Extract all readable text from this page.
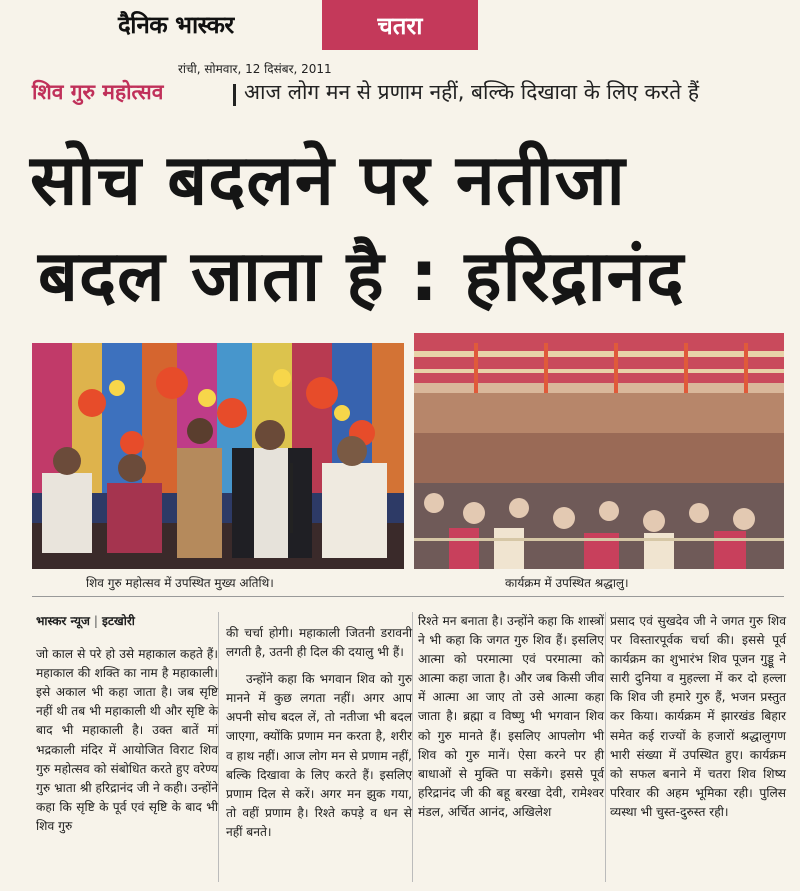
दैनिक भास्कर	चतरा
रांची, सोमवार, 12 दिसंबर, 2011
शिव गुरु महोत्सव	आज लोग मन से प्रणाम नहीं, बल्कि दिखावा के लिए करते हैं
सोच बदलने पर नतीजा
बदल जाता है : हरिद्रानंद
शिव गुरु महोत्सव में उपस्थित मुख्य अतिथि।	कार्यक्रम में उपस्थित श्रद्धालु।
भास्कर न्यूज | इटखोरी

जो काल से परे हो उसे महाकाल कहते हैं। महाकाल की शक्ति का नाम है महाकाली। इसे अकाल भी कहा जाता है। जब सृष्टि नहीं थी तब भी महाकाली थी और सृष्टि के बाद भी महाकाली है। उक्त बातें मां भद्रकाली मंदिर में आयोजित विराट शिव गुरु महोत्सव को संबोधित करते हुए वरेण्य गुरु भ्राता श्री हरिद्रानंद जी ने कही। उन्होंने कहा कि सृष्टि के पूर्व एवं सृष्टि के बाद भी शिव गुरु

की चर्चा होगी। महाकाली जितनी डरावनी लगती है, उतनी ही दिल की दयालु भी हैं।

उन्होंने कहा कि भगवान शिव को गुरु मानने में कुछ लगता नहीं। अगर आप अपनी सोच बदल लें, तो नतीजा भी बदल जाएगा, क्योंकि प्रणाम मन करता है, शरीर व हाथ नहीं। आज लोग मन से प्रणाम नहीं, बल्कि दिखावा के लिए करते हैं। इसलिए प्रणाम दिल से करें। अगर मन झुक गया, तो वहीं प्रणाम है। रिश्ते कपड़े व धन से नहीं बनते।

रिश्ते मन बनाता है। उन्होंने कहा कि शास्त्रों ने भी कहा कि जगत गुरु शिव हैं। इसलिए आत्मा को परमात्मा एवं परमात्मा को आत्मा कहा जाता है। और जब किसी जीव में आत्मा आ जाए तो उसे आत्मा कहा जाता है। ब्रह्मा व विष्णु भी भगवान शिव को गुरु मानते हैं। इसलिए आपलोग भी शिव को गुरु मानें। ऐसा करने पर ही बाधाओं से मुक्ति पा सकेंगे। इससे पूर्व हरिद्रानंद जी की बहू बरखा देवी, रामेश्वर मंडल, अर्चित आनंद, अखिलेश

प्रसाद एवं सुखदेव जी ने जगत गुरु शिव पर विस्तारपूर्वक चर्चा की। इससे पूर्व कार्यक्रम का शुभारंभ शिव पूजन गुड्डू ने सारी दुनिया व मुहल्ला में कर दो हल्ला कि शिव जी हमारे गुरु हैं, भजन प्रस्तुत कर किया। कार्यक्रम में झारखंड बिहार समेत कई राज्यों के हजारों श्रद्धालुगण भारी संख्या में उपस्थित हुए। कार्यक्रम को सफल बनाने में चतरा शिव शिष्य परिवार की अहम भूमिका रही। पुलिस व्यस्था भी चुस्त-दुरुस्त रही।
